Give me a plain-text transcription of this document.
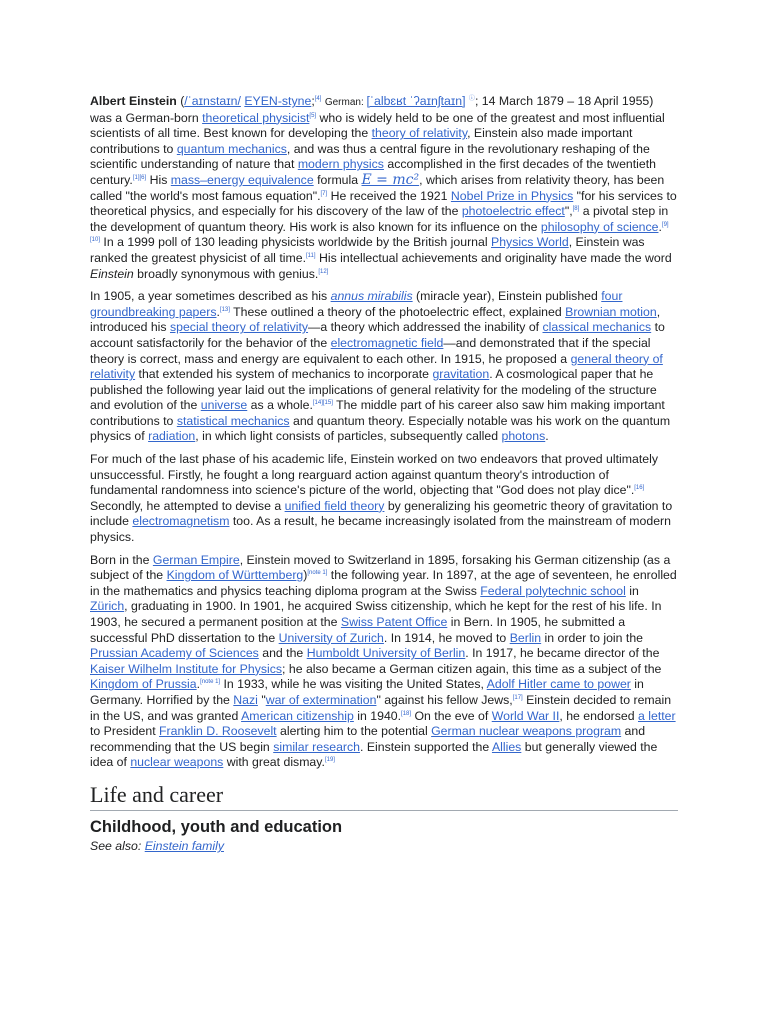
Albert Einstein (/ˈaɪnstaɪn/ EYEN-styne;[4] German: [ˈalbɛʁt ˈʔaɪnʃtaɪn] ⓘ; 14 March 1879 – 18 April 1955) was a German-born theoretical physicist[5] who is widely held to be one of the greatest and most influential scientists of all time. Best known for developing the theory of relativity, Einstein also made important contributions to quantum mechanics, and was thus a central figure in the revolutionary reshaping of the scientific understanding of nature that modern physics accomplished in the first decades of the twentieth century.[1][6] His mass–energy equivalence formula E = mc², which arises from relativity theory, has been called "the world's most famous equation".[7] He received the 1921 Nobel Prize in Physics "for his services to theoretical physics, and especially for his discovery of the law of the photoelectric effect",[8] a pivotal step in the development of quantum theory. His work is also known for its influence on the philosophy of science.[9][10] In a 1999 poll of 130 leading physicists worldwide by the British journal Physics World, Einstein was ranked the greatest physicist of all time.[11] His intellectual achievements and originality have made the word Einstein broadly synonymous with genius.[12]

In 1905, a year sometimes described as his annus mirabilis (miracle year), Einstein published four groundbreaking papers.[13] These outlined a theory of the photoelectric effect, explained Brownian motion, introduced his special theory of relativity—a theory which addressed the inability of classical mechanics to account satisfactorily for the behavior of the electromagnetic field—and demonstrated that if the special theory is correct, mass and energy are equivalent to each other. In 1915, he proposed a general theory of relativity that extended his system of mechanics to incorporate gravitation. A cosmological paper that he published the following year laid out the implications of general relativity for the modeling of the structure and evolution of the universe as a whole.[14][15] The middle part of his career also saw him making important contributions to statistical mechanics and quantum theory. Especially notable was his work on the quantum physics of radiation, in which light consists of particles, subsequently called photons.

For much of the last phase of his academic life, Einstein worked on two endeavors that proved ultimately unsuccessful. Firstly, he fought a long rearguard action against quantum theory's introduction of fundamental randomness into science's picture of the world, objecting that "God does not play dice".[16] Secondly, he attempted to devise a unified field theory by generalizing his geometric theory of gravitation to include electromagnetism too. As a result, he became increasingly isolated from the mainstream of modern physics.

Born in the German Empire, Einstein moved to Switzerland in 1895, forsaking his German citizenship (as a subject of the Kingdom of Württemberg)[note 1] the following year. In 1897, at the age of seventeen, he enrolled in the mathematics and physics teaching diploma program at the Swiss Federal polytechnic school in Zürich, graduating in 1900. In 1901, he acquired Swiss citizenship, which he kept for the rest of his life. In 1903, he secured a permanent position at the Swiss Patent Office in Bern. In 1905, he submitted a successful PhD dissertation to the University of Zurich. In 1914, he moved to Berlin in order to join the Prussian Academy of Sciences and the Humboldt University of Berlin. In 1917, he became director of the Kaiser Wilhelm Institute for Physics; he also became a German citizen again, this time as a subject of the Kingdom of Prussia.[note 1] In 1933, while he was visiting the United States, Adolf Hitler came to power in Germany. Horrified by the Nazi "war of extermination" against his fellow Jews,[17] Einstein decided to remain in the US, and was granted American citizenship in 1940.[18] On the eve of World War II, he endorsed a letter to President Franklin D. Roosevelt alerting him to the potential German nuclear weapons program and recommending that the US begin similar research. Einstein supported the Allies but generally viewed the idea of nuclear weapons with great dismay.[19]

Life and career
Childhood, youth and education

See also: Einstein family
